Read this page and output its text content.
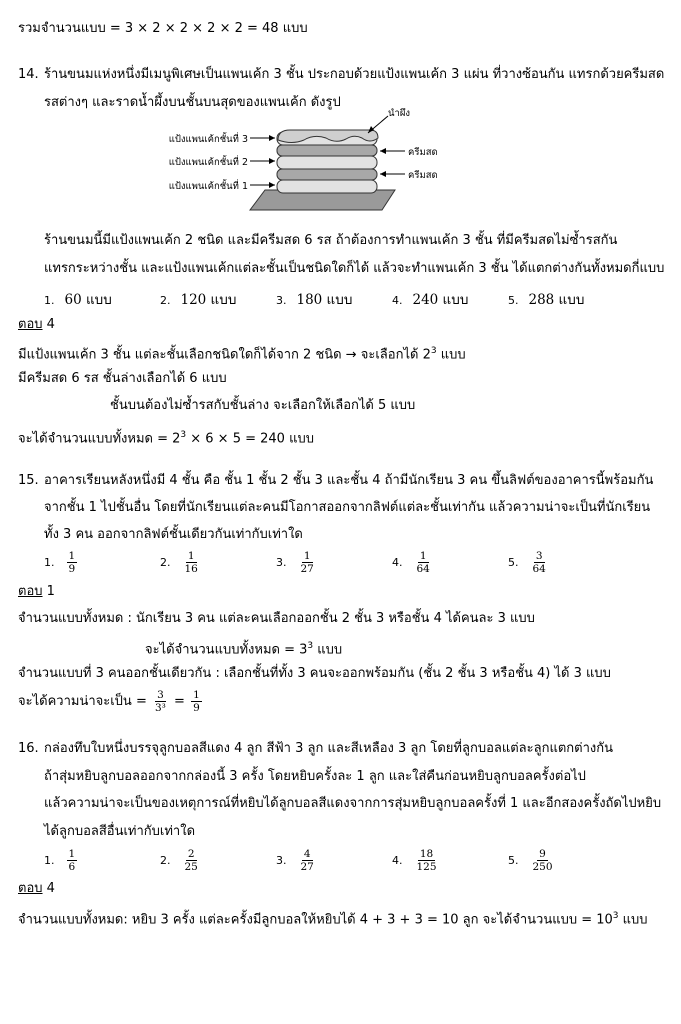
รวมจำนวนแบบ = 3 × 2 × 2 × 2 × 2 = 48 แบบ
14. ร้านขนมแห่งหนึ่งมีเมนูพิเศษเป็นแพนเค้ก 3 ชั้น ประกอบด้วยแป้งแพนเค้ก 3 แผ่น ที่วางซ้อนกัน แทรกด้วยครีมสด
รสต่างๆ และราดน้ำผึ้งบนชั้นบนสุดของแพนเค้ก ดังรูป
แป้งแพนเค้กชั้นที่ 3
แป้งแพนเค้กชั้นที่ 2
แป้งแพนเค้กชั้นที่ 1
ครีมสด
ครีมสด
น้ำผึ้ง
ร้านขนมนี้มีแป้งแพนเค้ก 2 ชนิด และมีครีมสด 6 รส ถ้าต้องการทำแพนเค้ก 3 ชั้น ที่มีครีมสดไม่ซ้ำรสกัน
แทรกระหว่างชั้น และแป้งแพนเค้กแต่ละชั้นเป็นชนิดใดก็ได้ แล้วจะทำแพนเค้ก 3 ชั้น ได้แตกต่างกันทั้งหมดกี่แบบ
1. 60 แบบ	2. 120 แบบ	3. 180 แบบ	4. 240 แบบ	5. 288 แบบ
ตอบ 4
มีแป้งแพนเค้ก 3 ชั้น แต่ละชั้นเลือกชนิดใดก็ได้จาก 2 ชนิด → จะเลือกได้ $2^3$ แบบ
มีครีมสด 6 รส ชั้นล่างเลือกได้ 6 แบบ
ชั้นบนต้องไม่ซ้ำรสกับชั้นล่าง จะเลือกให้เลือกได้ 5 แบบ
จะได้จำนวนแบบทั้งหมด = $2^3 \times 6 \times 5 = 240$ แบบ
15. อาคารเรียนหลังหนึ่งมี 4 ชั้น คือ ชั้น 1 ชั้น 2 ชั้น 3 และชั้น 4 ถ้ามีนักเรียน 3 คน ขึ้นลิฟต์ของอาคารนี้พร้อมกัน
จากชั้น 1 ไปชั้นอื่น โดยที่นักเรียนแต่ละคนมีโอกาสออกจากลิฟต์แต่ละชั้นเท่ากัน แล้วความน่าจะเป็นที่นักเรียน
ทั้ง 3 คน ออกจากลิฟต์ชั้นเดียวกันเท่ากับเท่าใด
1. $\frac{1}{9}$	2. $\frac{1}{16}$	3. $\frac{1}{27}$	4. $\frac{1}{64}$	5. $\frac{3}{64}$
ตอบ 1
จำนวนแบบทั้งหมด : นักเรียน 3 คน แต่ละคนเลือกออกชั้น 2 ชั้น 3 หรือชั้น 4 ได้คนละ 3 แบบ
จะได้จำนวนแบบทั้งหมด = $3^3$ แบบ
จำนวนแบบที่ 3 คนออกชั้นเดียวกัน : เลือกชั้นที่ทั้ง 3 คนจะออกพร้อมกัน (ชั้น 2 ชั้น 3 หรือชั้น 4) ได้ 3 แบบ
จะได้ความน่าจะเป็น = $\frac{3}{\text{3³}} = \frac{1}{9}$
16. กล่องทึบใบหนึ่งบรรจุลูกบอลสีแดง 4 ลูก สีฟ้า 3 ลูก และสีเหลือง 3 ลูก โดยที่ลูกบอลแต่ละลูกแตกต่างกัน
ถ้าสุ่มหยิบลูกบอลออกจากกล่องนี้ 3 ครั้ง โดยหยิบครั้งละ 1 ลูก และใส่คืนก่อนหยิบลูกบอลครั้งต่อไป
แล้วความน่าจะเป็นของเหตุการณ์ที่หยิบได้ลูกบอลสีแดงจากการสุ่มหยิบลูกบอลครั้งที่ 1 และอีกสองครั้งถัดไปหยิบ
ได้ลูกบอลสีอื่นเท่ากับเท่าใด
1. $\frac{1}{6}$	2. $\frac{2}{25}$	3. $\frac{4}{27}$	4. $\frac{18}{125}$	5. $\frac{9}{250}$
ตอบ 4
จำนวนแบบทั้งหมด: หยิบ 3 ครั้ง แต่ละครั้งมีลูกบอลให้หยิบได้ 4 + 3 + 3 = 10 ลูก จะได้จำนวนแบบ = $10^3$ แบบ
